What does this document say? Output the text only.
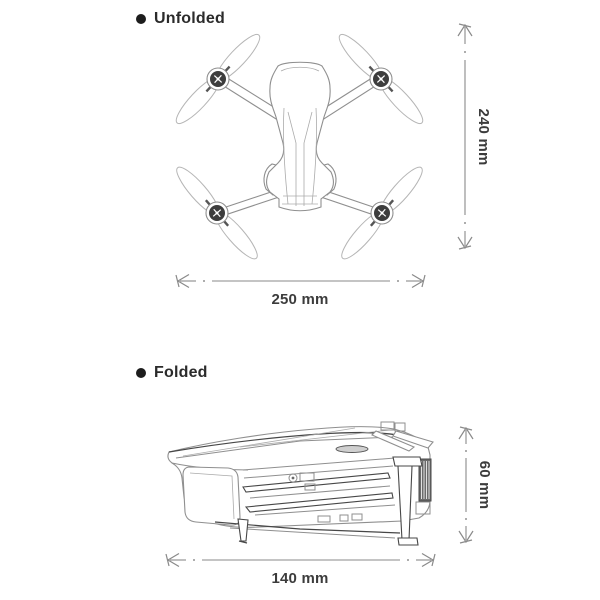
Unfolded
Folded
240 mm
250 mm
60 mm
140 mm
